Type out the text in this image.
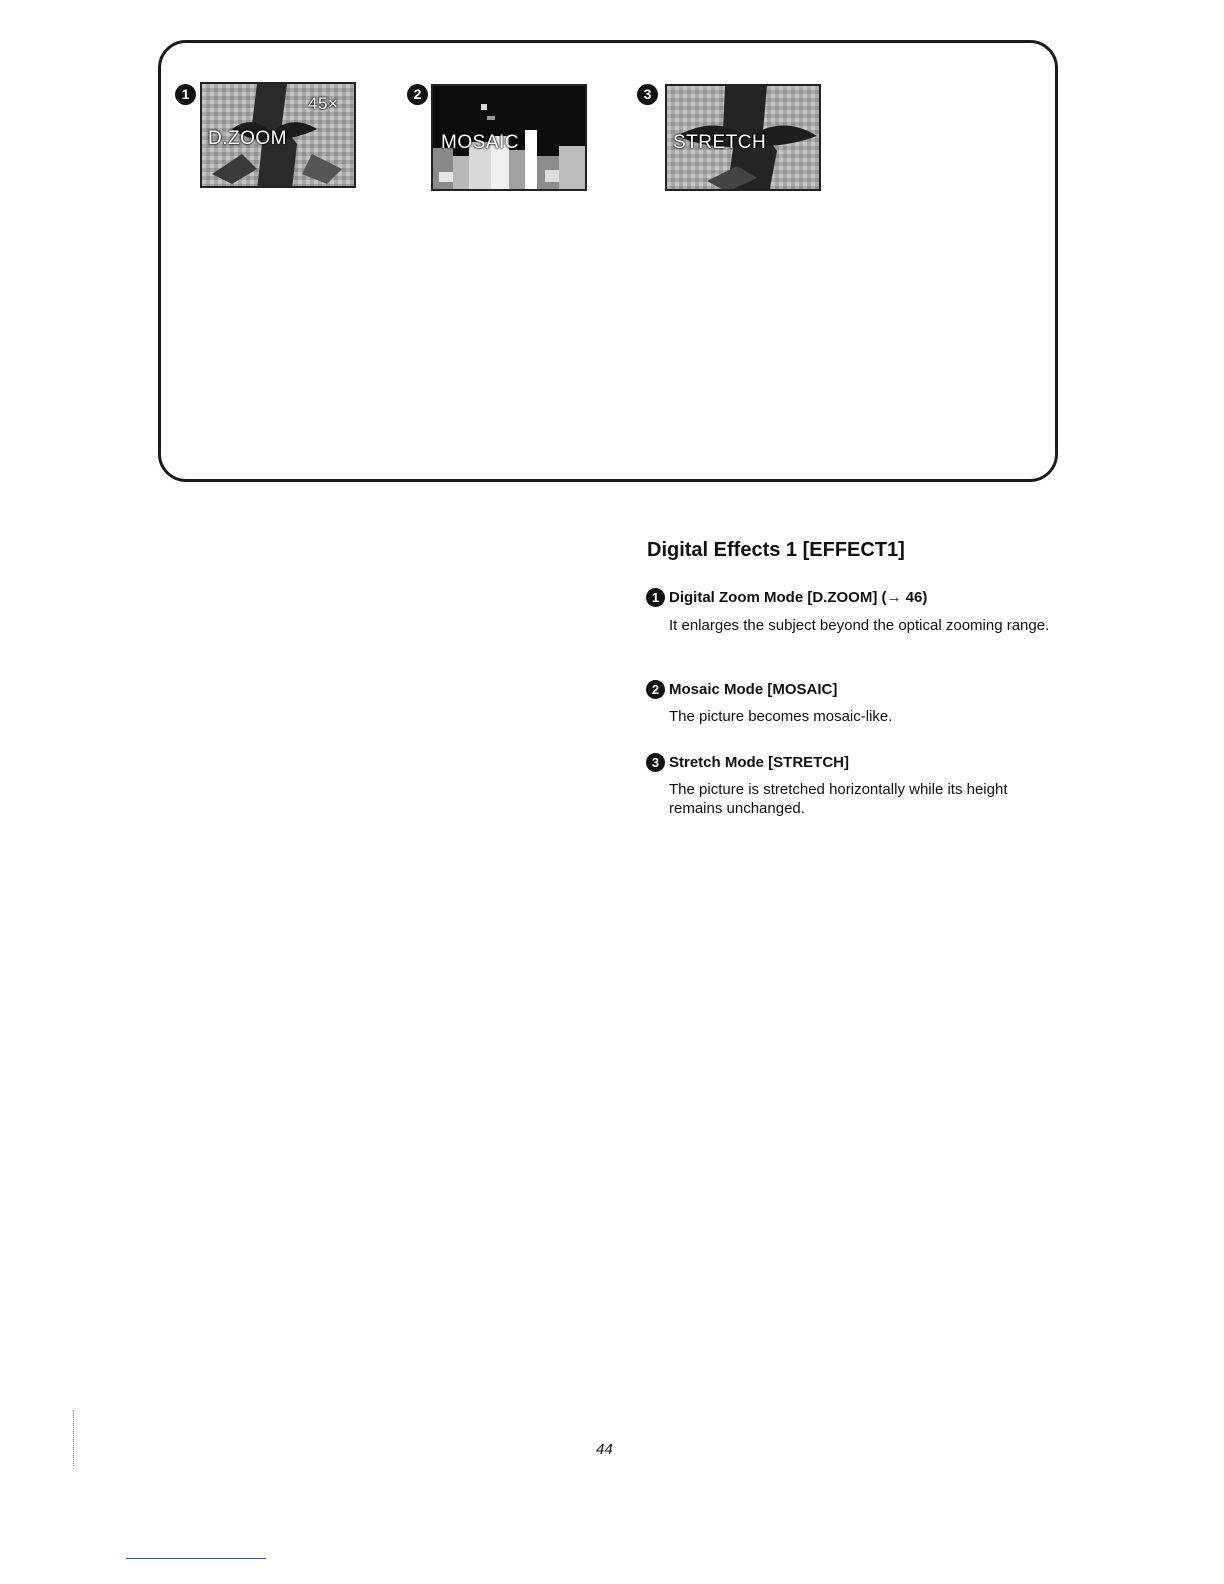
1
D.ZOOM
45×	2
MOSAIC
3
STRETCH
Digital Effects 1 [EFFECT1]
1 Digital Zoom Mode [D.ZOOM] (→ 46)
It enlarges the subject beyond the optical zooming range.
2 Mosaic Mode [MOSAIC]
The picture becomes mosaic-like.
3 Stretch Mode [STRETCH]
The picture is stretched horizontally while its height remains unchanged.
44
